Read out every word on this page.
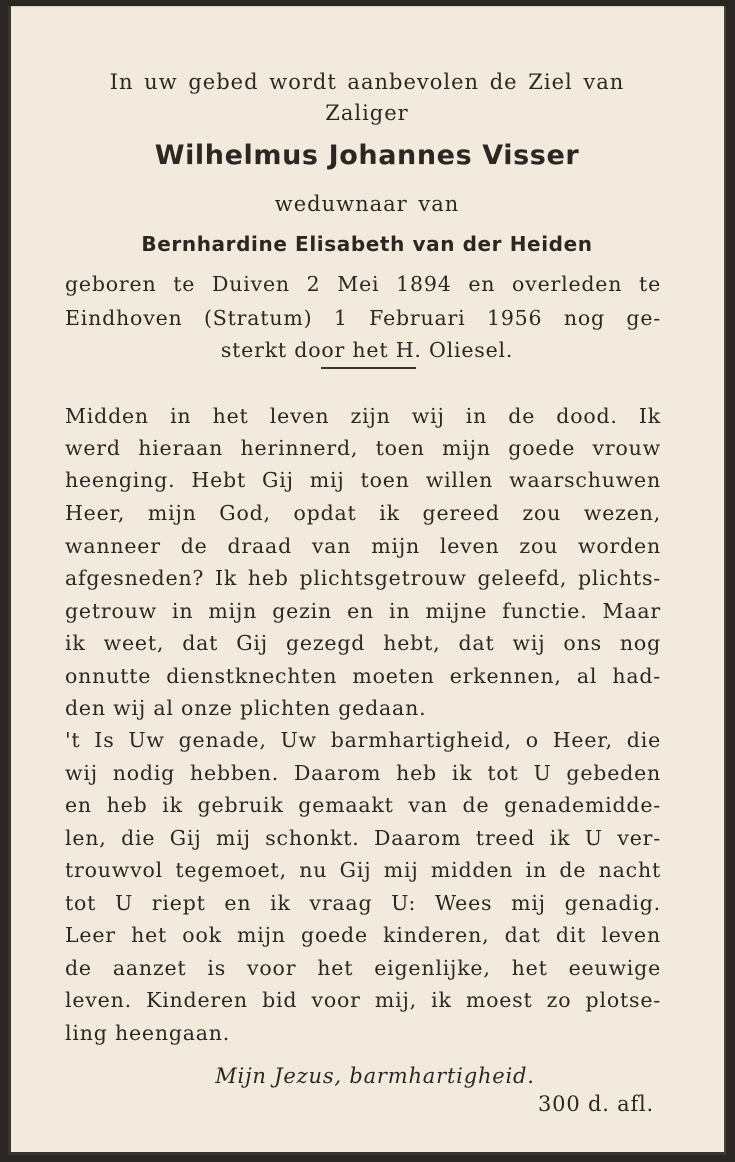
In uw gebed wordt aanbevolen de Ziel van
Zaliger
Wilhelmus Johannes Visser
weduwnaar van
Bernhardine Elisabeth van der Heiden
geboren te Duiven 2 Mei 1894 en overleden te
Eindhoven (Stratum) 1 Februari 1956 nog ge-
sterkt door het H. Oliesel.
Midden in het leven zijn wij in de dood. Ik
werd hieraan herinnerd, toen mijn goede vrouw
heenging. Hebt Gij mij toen willen waarschuwen
Heer, mijn God, opdat ik gereed zou wezen,
wanneer de draad van mijn leven zou worden
afgesneden? Ik heb plichtsgetrouw geleefd, plichts-
getrouw in mijn gezin en in mijne functie. Maar
ik weet, dat Gij gezegd hebt, dat wij ons nog
onnutte dienstknechten moeten erkennen, al had-
den wij al onze plichten gedaan.
't Is Uw genade, Uw barmhartigheid, o Heer, die
wij nodig hebben. Daarom heb ik tot U gebeden
en heb ik gebruik gemaakt van de genademidde-
len, die Gij mij schonkt. Daarom treed ik U ver-
trouwvol tegemoet, nu Gij mij midden in de nacht
tot U riept en ik vraag U: Wees mij genadig.
Leer het ook mijn goede kinderen, dat dit leven
de aanzet is voor het eigenlijke, het eeuwige
leven. Kinderen bid voor mij, ik moest zo plotse-
ling heengaan.
Mijn Jezus, barmhartigheid.
300 d. afl.
